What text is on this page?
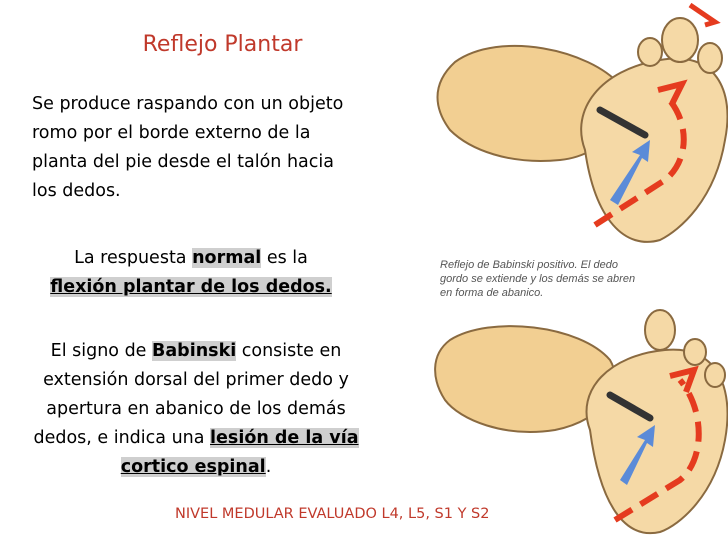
Reflejo Plantar
Se produce raspando con un objeto romo por el borde externo de la planta del pie desde el talón hacia los dedos.
La respuesta normal es la
flexión plantar de los dedos.
El signo de Babinski consiste en extensión dorsal del primer dedo y apertura en abanico de los demás dedos, e indica una lesión de la vía cortico espinal.
NIVEL MEDULAR EVALUADO L4, L5, S1 Y S2
Reflejo de Babinski positivo. El dedo gordo se extiende y los demás se abren en forma de abanico.
